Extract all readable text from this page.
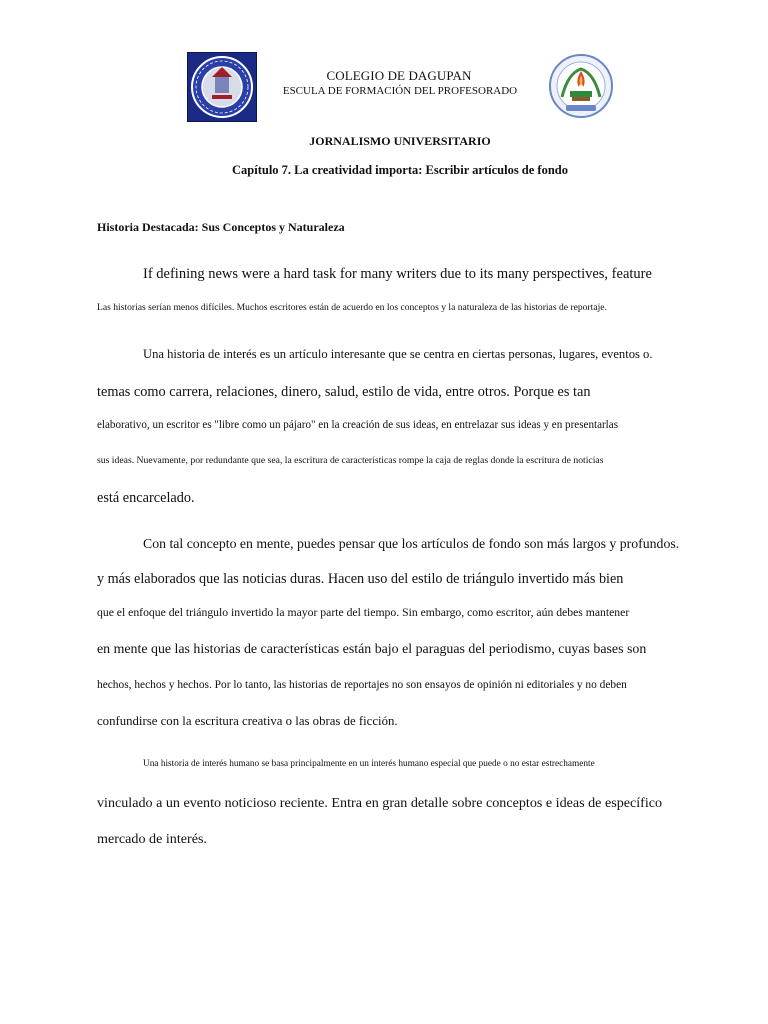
COLEGIO DE DAGUPAN
ESCULA DE FORMACIÓN DEL PROFESORADO
JORNALISMO UNIVERSITARIO
Capítulo 7. La creatividad importa: Escribir artículos de fondo
Historia Destacada: Sus Conceptos y Naturaleza
If defining news were a hard task for many writers due to its many perspectives, feature
Las historias serían menos difíciles. Muchos escritores están de acuerdo en los conceptos y la naturaleza de las historias de reportaje.
Una historia de interés es un artículo interesante que se centra en ciertas personas, lugares, eventos o.
temas como carrera, relaciones, dinero, salud, estilo de vida, entre otros. Porque es tan
elaborativo, un escritor es "libre como un pájaro" en la creación de sus ideas, en entrelazar sus ideas y en presentarlas
sus ideas. Nuevamente, por redundante que sea, la escritura de características rompe la caja de reglas donde la escritura de noticias
está encarcelado.
Con tal concepto en mente, puedes pensar que los artículos de fondo son más largos y profundos.
y más elaborados que las noticias duras. Hacen uso del estilo de triángulo invertido más bien
que el enfoque del triángulo invertido la mayor parte del tiempo. Sin embargo, como escritor, aún debes mantener
en mente que las historias de características están bajo el paraguas del periodismo, cuyas bases son
hechos, hechos y hechos. Por lo tanto, las historias de reportajes no son ensayos de opinión ni editoriales y no deben
confundirse con la escritura creativa o las obras de ficción.
Una historia de interés humano se basa principalmente en un interés humano especial que puede o no estar estrechamente
vinculado a un evento noticioso reciente. Entra en gran detalle sobre conceptos e ideas de específico
mercado de interés.
